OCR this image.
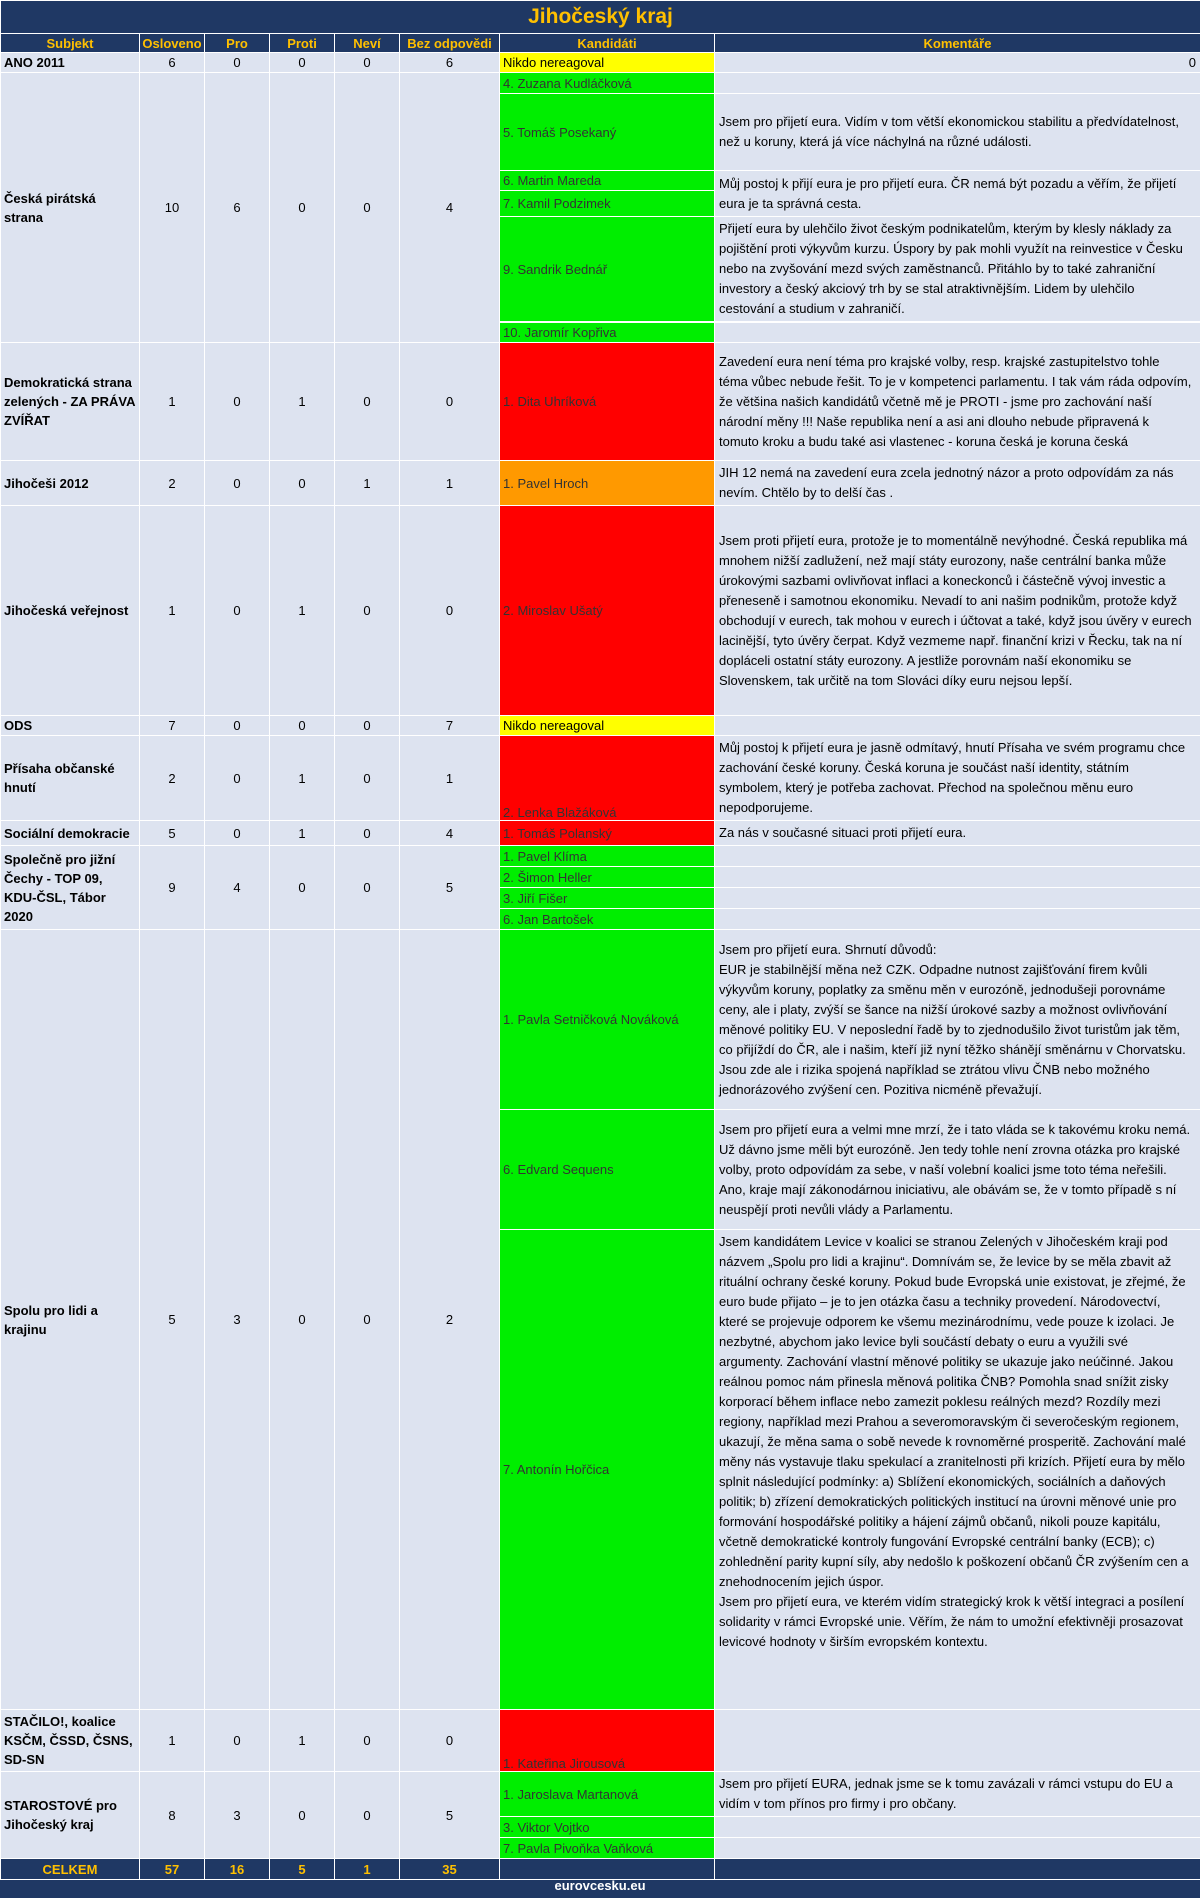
Jihočeský kraj							
Subjekt	Osloveno	Pro	Proti	Neví	Bez odpovědi	Kandidáti	Komentáře
ANO 2011	6	0	0	0	6	Nikdo nereagoval	0
Česká pirátská strana	10	6	0	0	4	4. Zuzana Kudláčková	
						5. Tomáš Posekaný	Jsem pro přijetí eura. Vidím v tom větší ekonomickou stabilitu a předvídatelnost, než u koruny, která já více náchylná na různé události.
						6. Martin Mareda	Můj postoj k přijí eura je pro přijetí eura. ČR nemá být pozadu a věřím, že přijetí eura je ta správná cesta.
						7. Kamil Podzimek	
						9. Sandrik Bednář	Přijetí eura by ulehčilo život českým podnikatelům, kterým by klesly náklady za pojištění proti výkyvům kurzu. Úspory by pak mohli využít na reinvestice v Česku nebo na zvyšování mezd svých zaměstnanců. Přitáhlo by to také zahraniční investory a český akciový trh by se stal atraktivnějším. Lidem by ulehčilo cestování a studium v zahraničí.

						10. Jaromír Kopřiva	
Demokratická strana zelených - ZA PRÁVA ZVÍŘAT	1	0	1	0	0	1. Dita Uhríková	Zavedení eura není téma pro krajské volby, resp. krajské zastupitelstvo tohle téma vůbec nebude řešit. To je v kompetenci parlamentu. I tak vám ráda odpovím, že většina našich kandidátů včetně mě je PROTI - jsme pro zachování naší národní měny !!! Naše republika není a asi ani dlouho nebude připravená k tomuto kroku a budu také asi vlastenec - koruna česká je koruna česká
Jihočeši 2012	2	0	0	1	1	1. Pavel Hroch	JIH 12 nemá na zavedení eura zcela jednotný názor a proto odpovídám za nás nevím. Chtělo by to delší čas .
Jihočeská veřejnost	1	0	1	0	0	2. Miroslav Ušatý	Jsem proti přijetí eura, protože je to momentálně nevýhodné. Česká republika má mnohem nižší zadlužení, než mají státy eurozony, naše centrální banka může úrokovými sazbami ovlivňovat inflaci a koneckonců i částečně vývoj investic a přeneseně i samotnou ekonomiku. Nevadí to ani našim podnikům, protože když obchodují v eurech, tak mohou v eurech i účtovat a také, když jsou úvěry v eurech lacinější, tyto úvěry čerpat. Když vezmeme např. finanční krizi v Řecku, tak na ní dopláceli ostatní státy eurozony. A jestliže porovnám naší ekonomiku se Slovenskem, tak určitě na tom Slováci díky euru nejsou lepší.
ODS	7	0	0	0	7	Nikdo nereagoval	
Přísaha občanské hnutí	2	0	1	0	1	2. Lenka Blažáková	Můj postoj k přijetí eura je jasně odmítavý, hnutí Přísaha ve svém programu chce zachování české koruny. Česká koruna je součást naší identity, státním symbolem, který je potřeba zachovat. Přechod na společnou měnu euro nepodporujeme.
Sociální demokracie	5	0	1	0	4	1. Tomáš Polanský	Za nás v současné situaci proti přijetí eura.
Společně pro jižní Čechy - TOP 09, KDU-ČSL, Tábor 2020	9	4	0	0	5	1. Pavel Klíma	
						2. Šimon Heller	
						3. Jiří Fišer	
						6. Jan Bartošek	
Spolu pro lidi a krajinu	5	3	0	0	2	1. Pavla Setničková Nováková	Jsem pro přijetí eura. Shrnutí důvodů:
EUR je stabilnější měna než CZK. Odpadne nutnost zajišťování firem kvůli výkyvům koruny, poplatky za směnu měn v eurozóně, jednodušeji porovnáme ceny, ale i platy, zvýší se šance na nižší úrokové sazby a možnost ovlivňování měnové politiky EU. V neposlední řadě by to zjednodušilo život turistům jak těm, co přijíždí do ČR, ale i našim, kteří již nyní těžko shánějí směnárnu v Chorvatsku. Jsou zde ale i rizika spojená například se ztrátou vlivu ČNB nebo možného jednorázového zvýšení cen. Pozitiva nicméně převažují.
						6. Edvard Sequens	Jsem pro přijetí eura a velmi mne mrzí, že i tato vláda se k takovému kroku nemá. Už dávno jsme měli být eurozóně. Jen tedy tohle není zrovna otázka pro krajské volby, proto odpovídám za sebe, v naší volební koalici jsme toto téma neřešili. Ano, kraje mají zákonodárnou iniciativu, ale obávám se, že v tomto případě s ní neuspějí proti nevůli vlády a Parlamentu.
						7. Antonín Hořčica	Jsem kandidátem Levice v koalici se stranou Zelených v Jihočeském kraji pod názvem „Spolu pro lidi a krajinu“. Domnívám se, že levice by se měla zbavit až rituální ochrany české koruny. Pokud bude Evropská unie existovat, je zřejmé, že euro bude přijato – je to jen otázka času a techniky provedení. Národovectví, které se projevuje odporem ke všemu mezinárodnímu, vede pouze k izolaci. Je nezbytné, abychom jako levice byli součástí debaty o euru a využili své argumenty. Zachování vlastní měnové politiky se ukazuje jako neúčinné. Jakou reálnou pomoc nám přinesla měnová politika ČNB? Pomohla snad snížit zisky korporací během inflace nebo zamezit poklesu reálných mezd? Rozdíly mezi regiony, například mezi Prahou a severomoravským či severočeským regionem, ukazují, že měna sama o sobě nevede k rovnoměrné prosperitě. Zachování malé měny nás vystavuje tlaku spekulací a zranitelnosti při krizích. Přijetí eura by mělo splnit následující podmínky: a) Sblížení ekonomických, sociálních a daňových politik; b) zřízení demokratických politických institucí na úrovni měnové unie pro formování hospodářské politiky a hájení zájmů občanů, nikoli pouze kapitálu, včetně demokratické kontroly fungování Evropské centrální banky (ECB); c) zohlednění parity kupní síly, aby nedošlo k poškození občanů ČR zvýšením cen a znehodnocením jejich úspor.
Jsem pro přijetí eura, ve kterém vidím strategický krok k větší integraci a posílení solidarity v rámci Evropské unie. Věřím, že nám to umožní efektivněji prosazovat levicové hodnoty v širším evropském kontextu.
STAČILO!, koalice KSČM, ČSSD, ČSNS, SD-SN	1	0	1	0	0	1. Kateřina Jirousová	
STAROSTOVÉ pro Jihočeský kraj	8	3	0	0	5	1. Jaroslava Martanová	Jsem pro přijetí EURA, jednak jsme se k tomu zavázali v rámci vstupu do EU a vidím v tom přínos pro firmy i pro občany.
						3. Viktor Vojtko	
						7. Pavla Pivoňka Vaňková	
CELKEM	57	16	5	1	35		
eurovcesku.eu
